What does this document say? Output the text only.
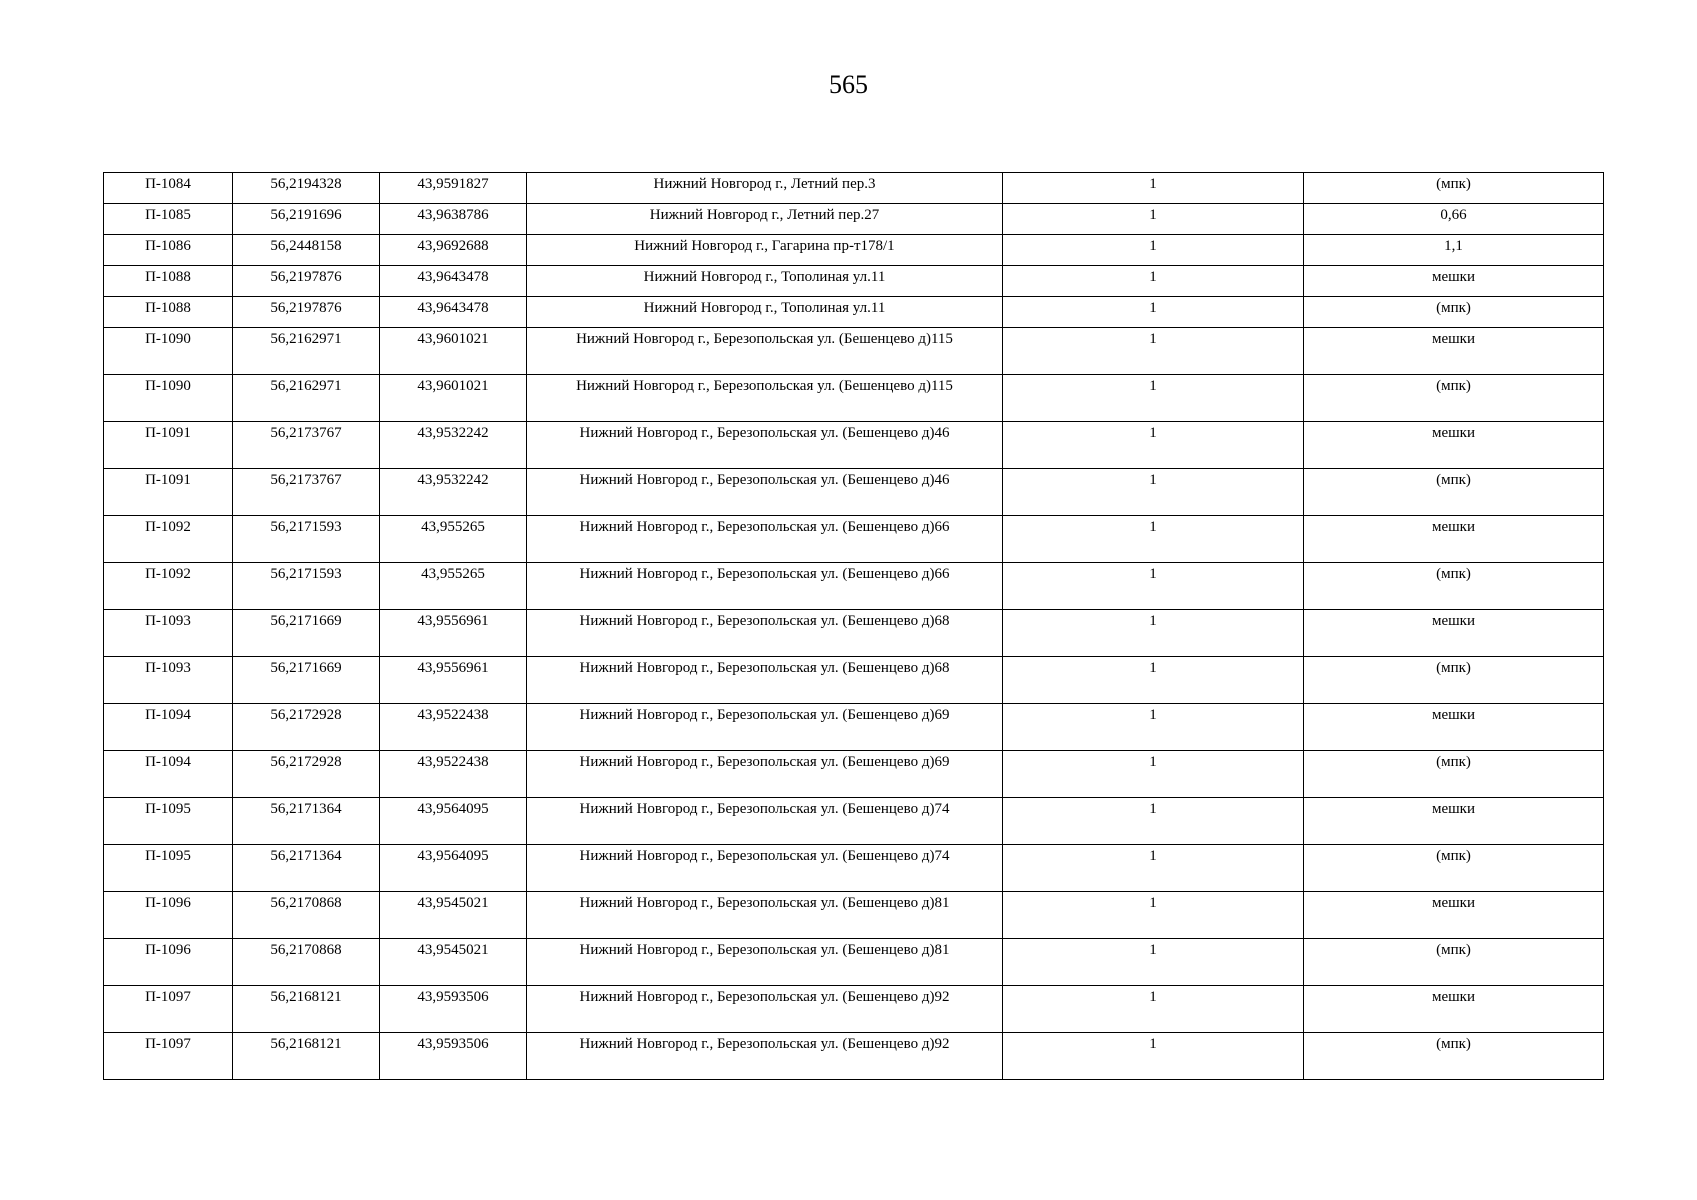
565
П-1084	56,2194328	43,9591827	Нижний Новгород г., Летний пер.3	1	(мпк)
П-1085	56,2191696	43,9638786	Нижний Новгород г., Летний пер.27	1	0,66
П-1086	56,2448158	43,9692688	Нижний Новгород г., Гагарина пр-т178/1	1	1,1
П-1088	56,2197876	43,9643478	Нижний Новгород г., Тополиная ул.11	1	мешки
П-1088	56,2197876	43,9643478	Нижний Новгород г., Тополиная ул.11	1	(мпк)
П-1090	56,2162971	43,9601021	Нижний Новгород г., Березопольская ул. (Бешенцево д)115	1	мешки
П-1090	56,2162971	43,9601021	Нижний Новгород г., Березопольская ул. (Бешенцево д)115	1	(мпк)
П-1091	56,2173767	43,9532242	Нижний Новгород г., Березопольская ул. (Бешенцево д)46	1	мешки
П-1091	56,2173767	43,9532242	Нижний Новгород г., Березопольская ул. (Бешенцево д)46	1	(мпк)
П-1092	56,2171593	43,955265	Нижний Новгород г., Березопольская ул. (Бешенцево д)66	1	мешки
П-1092	56,2171593	43,955265	Нижний Новгород г., Березопольская ул. (Бешенцево д)66	1	(мпк)
П-1093	56,2171669	43,9556961	Нижний Новгород г., Березопольская ул. (Бешенцево д)68	1	мешки
П-1093	56,2171669	43,9556961	Нижний Новгород г., Березопольская ул. (Бешенцево д)68	1	(мпк)
П-1094	56,2172928	43,9522438	Нижний Новгород г., Березопольская ул. (Бешенцево д)69	1	мешки
П-1094	56,2172928	43,9522438	Нижний Новгород г., Березопольская ул. (Бешенцево д)69	1	(мпк)
П-1095	56,2171364	43,9564095	Нижний Новгород г., Березопольская ул. (Бешенцево д)74	1	мешки
П-1095	56,2171364	43,9564095	Нижний Новгород г., Березопольская ул. (Бешенцево д)74	1	(мпк)
П-1096	56,2170868	43,9545021	Нижний Новгород г., Березопольская ул. (Бешенцево д)81	1	мешки
П-1096	56,2170868	43,9545021	Нижний Новгород г., Березопольская ул. (Бешенцево д)81	1	(мпк)
П-1097	56,2168121	43,9593506	Нижний Новгород г., Березопольская ул. (Бешенцево д)92	1	мешки
П-1097	56,2168121	43,9593506	Нижний Новгород г., Березопольская ул. (Бешенцево д)92	1	(мпк)
